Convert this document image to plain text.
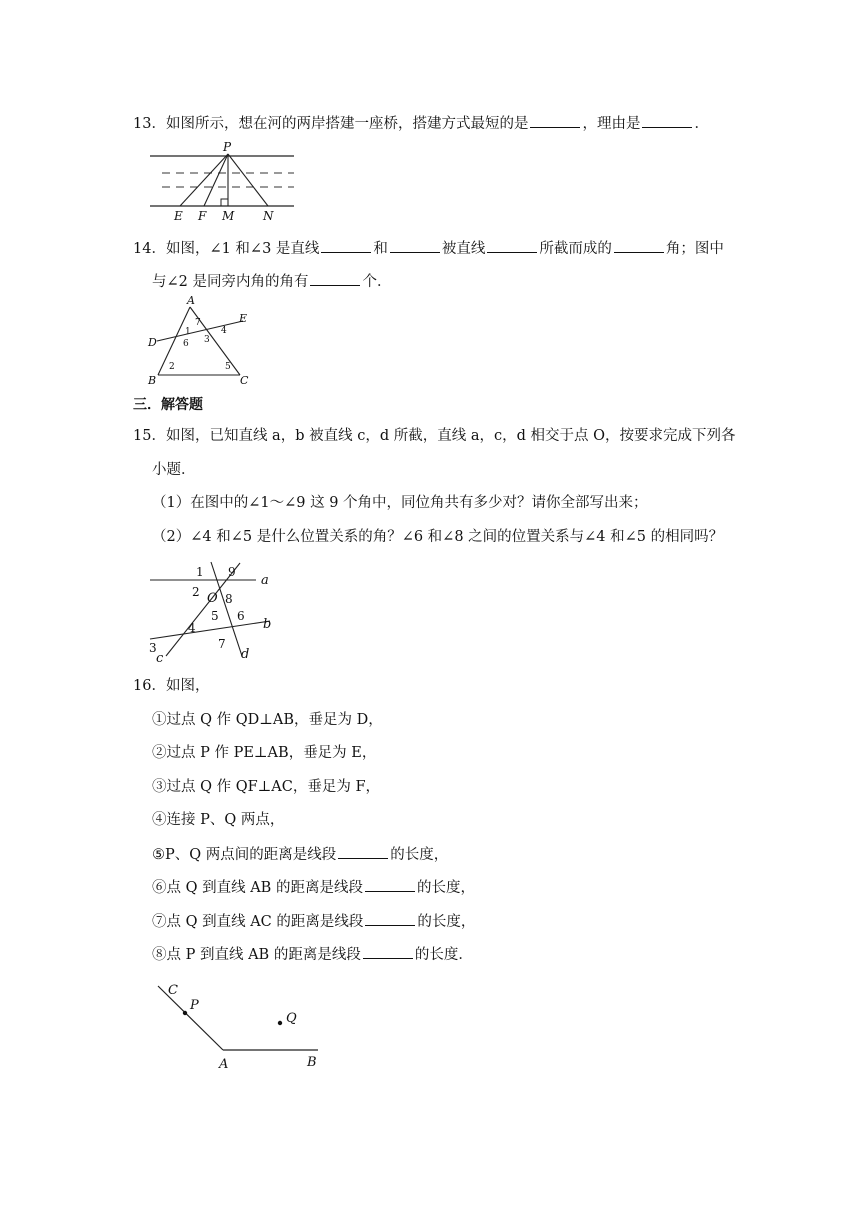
13．如图所示，想在河的两岸搭建一座桥，搭建方式最短的是	，理由是	．
P
E F M N
14．如图，∠1 和∠3 是直线	和	被直线	所截而成的	角；图中
与∠2 是同旁内角的角有	个．
A
B	C
D
E
1
2
3
4
5
6
7
三．解答题
15．如图，已知直线 a，b 被直线 c，d 所截，直线 a，c，d 相交于点 O，按要求完成下列各
小题．
（1）在图中的∠1～∠9 这 9 个角中，同位角共有多少对？请你全部写出来；
（2）∠4 和∠5 是什么位置关系的角？∠6 和∠8 之间的位置关系与∠4 和∠5 的相同吗？
a
b
c	d
O
1
2
3
4
5 6
7
8
9
16．如图，
①过点 Q 作 QD⊥AB，垂足为 D，
②过点 P 作 PE⊥AB，垂足为 E，
③过点 Q 作 QF⊥AC，垂足为 F，
④连接 P、Q 两点，
⑤P、Q 两点间的距离是线段	的长度，
⑥点 Q 到直线 AB 的距离是线段	的长度，
⑦点 Q 到直线 AC 的距离是线段	的长度，
⑧点 P 到直线 AB 的距离是线段	的长度．
C
P
Q
A	B
